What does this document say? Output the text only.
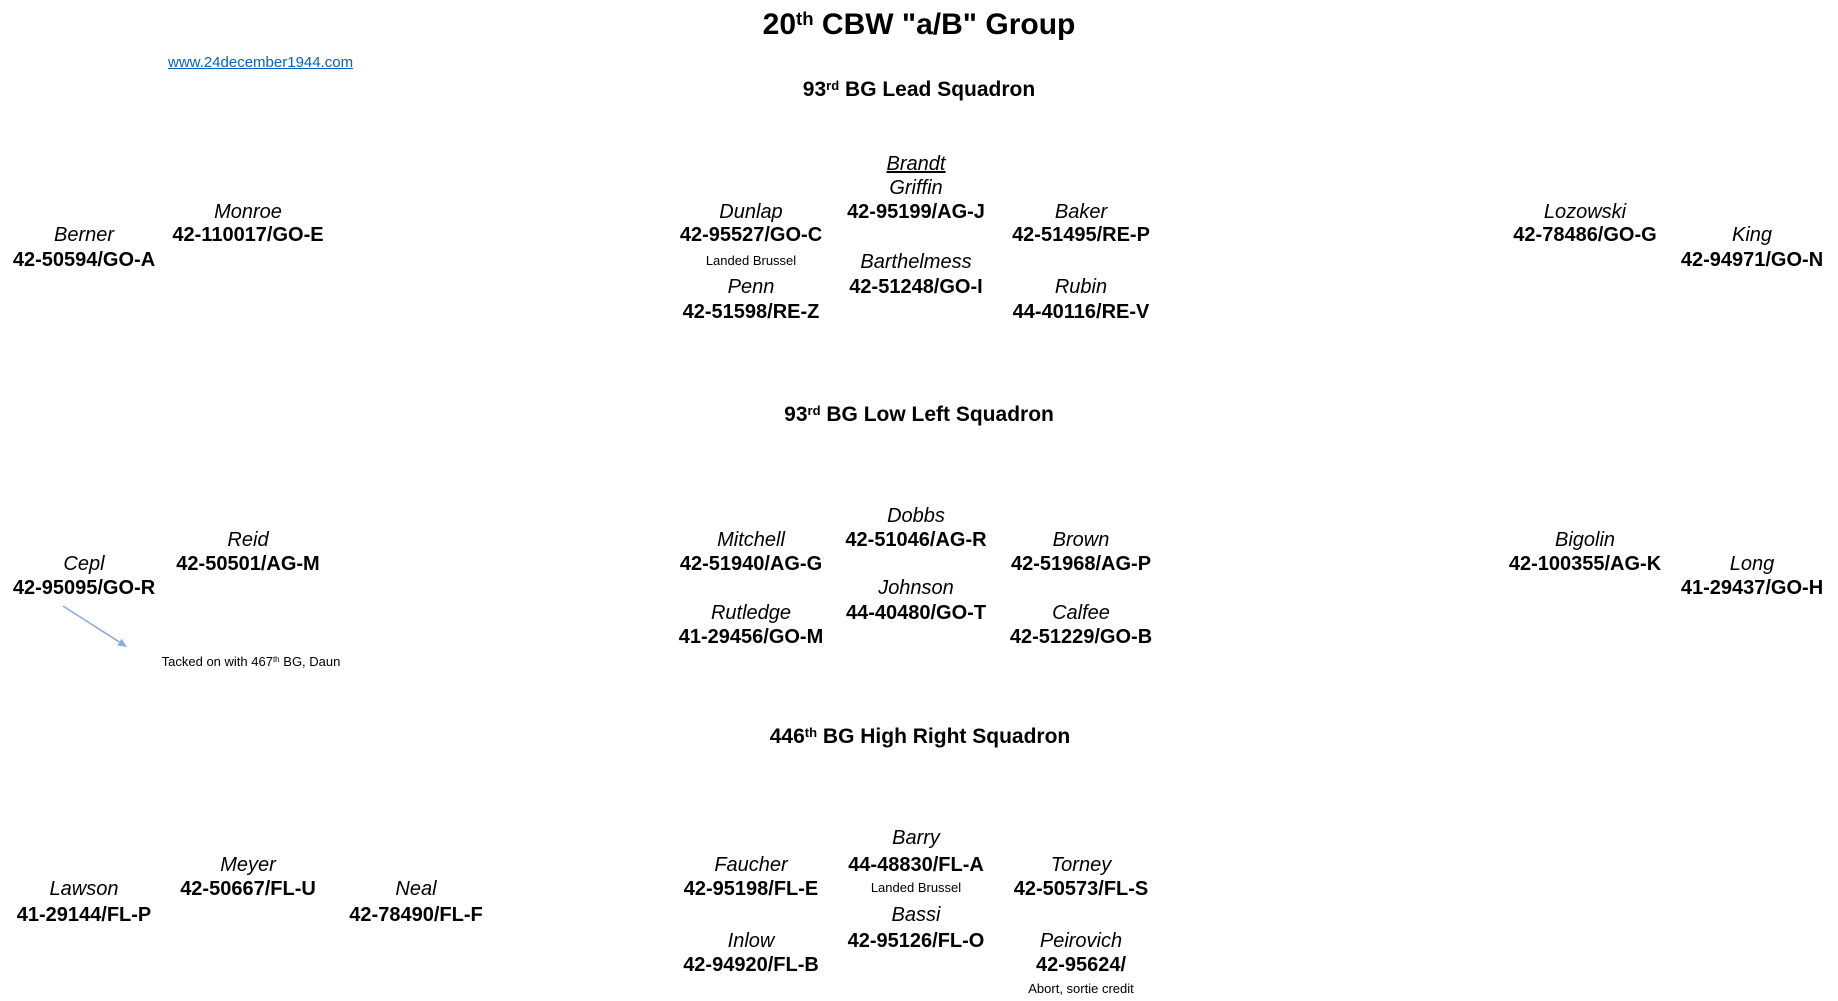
20th CBW "a/B" Group
www.24december1944.com
93rd BG Lead Squadron
Brandt
Griffin
42-95199/AG-J
Dunlap
42-95527/GO-C
Landed Brussel
Penn
42-51598/RE-Z
Barthelmess
42-51248/GO-I
Baker
42-51495/RE-P
Rubin
44-40116/RE-V
Monroe
42-110017/GO-E
Berner
42-50594/GO-A
Lozowski
42-78486/GO-G	King
42-94971/GO-N
93rd BG Low Left Squadron
Dobbs
42-51046/AG-R
Johnson
44-40480/GO-T
Mitchell
42-51940/AG-G
Rutledge
41-29456/GO-M
Brown
42-51968/AG-P
Calfee
42-51229/GO-B
Reid
42-50501/AG-M
Cepl
42-95095/GO-R
Bigolin
42-100355/AG-K	Long
41-29437/GO-H
Tacked on with 467th BG, Daun
446th BG High Right Squadron
Barry
44-48830/FL-A
Landed Brussel
Bassi
42-95126/FL-O
Faucher
42-95198/FL-E
Inlow
42-94920/FL-B
Torney
42-50573/FL-S
Peirovich
42-95624/
Abort, sortie credit
Meyer
42-50667/FL-U
Lawson
41-29144/FL-P
Neal
42-78490/FL-F
